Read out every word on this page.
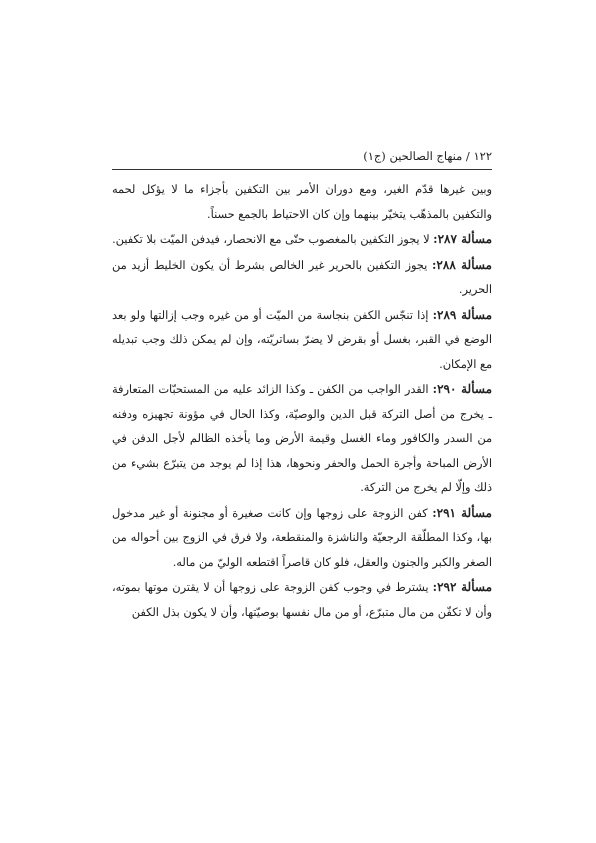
١٢٢ / منهاج الصالحين (ج١)

وبين غيرها قدّم الغير، ومع دوران الأمر بين التكفين بأجزاء ما لا يؤكل لحمه والتكفين بالمذهّب يتخيّر بينهما وإن كان الاحتياط بالجمع حسناً.

مسألة ٢٨٧: لا يجوز التكفين بالمغصوب حتّى مع الانحصار، فيدفن الميّت بلا تكفين.

مسألة ٢٨٨: يجوز التكفين بالحرير غير الخالص بشرط أن يكون الخليط أزيد من الحرير.

مسألة ٢٨٩: إذا تنجّس الكفن بنجاسة من الميّت أو من غيره وجب إزالتها ولو بعد الوضع في القبر، بغسل أو بقرض لا يضرّ بساتريّته، وإن لم يمكن ذلك وجب تبديله مع الإمكان.

مسألة ٢٩٠: القدر الواجب من الكفن ـ وكذا الزائد عليه من المستحبّات المتعارفة ـ يخرج من أصل التركة قبل الدين والوصيّة، وكذا الحال في مؤونة تجهيزه ودفنه من السدر والكافور وماء الغسل وقيمة الأرض وما يأخذه الظالم لأجل الدفن في الأرض المباحة وأجرة الحمل والحفر ونحوها، هذا إذا لم يوجد من يتبرّع بشيء من ذلك وإلّا لم يخرج من التركة.

مسألة ٢٩١: كفن الزوجة على زوجها وإن كانت صغيرة أو مجنونة أو غير مدخول بها، وكذا المطلّقة الرجعيّة والناشزة والمنقطعة، ولا فرق في الزوج بين أحواله من الصغر والكبر والجنون والعقل، فلو كان قاصراً اقتطعه الوليّ من ماله.

مسألة ٢٩٢: يشترط في وجوب كفن الزوجة على زوجها أن لا يقترن موتها بموته، وأن لا تكفّن من مال متبرّع، أو من مال نفسها بوصيّتها، وأن لا يكون بذل الكفن
